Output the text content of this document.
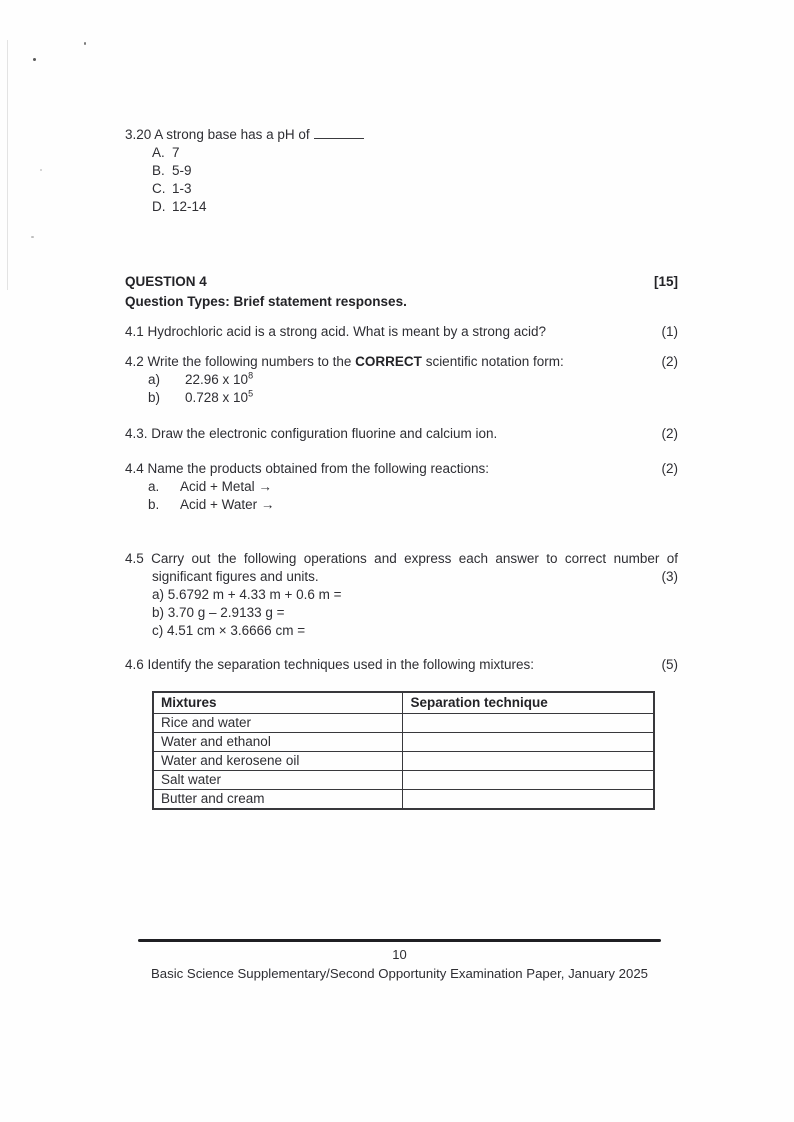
3.20 A strong base has a pH of
A. 7
B. 5-9
C. 1-3
D. 12-14
QUESTION 4	[15]
Question Types: Brief statement responses.
4.1 Hydrochloric acid is a strong acid. What is meant by a strong acid?	(1)
4.2 Write the following numbers to the CORRECT scientific notation form:	(2)
a)	22.96 x $10^8$
b)	0.728 x $10^5$
4.3. Draw the electronic configuration fluorine and calcium ion.	(2)
4.4 Name the products obtained from the following reactions:	(2)
a.	Acid + Metal →
b.	Acid + Water →
4.5 Carry out the following operations and express each answer to correct number of
significant figures and units.	(3)
a) 5.6792 m + 4.33 m + 0.6 m =
b) 3.70 g – 2.9133 g =
c) 4.51 cm × 3.6666 cm =
4.6 Identify the separation techniques used in the following mixtures:	(5)
Mixtures	Separation technique
Rice and water	
Water and ethanol	
Water and kerosene oil	
Salt water	
Butter and cream	
10
Basic Science Supplementary/Second Opportunity Examination Paper, January 2025
